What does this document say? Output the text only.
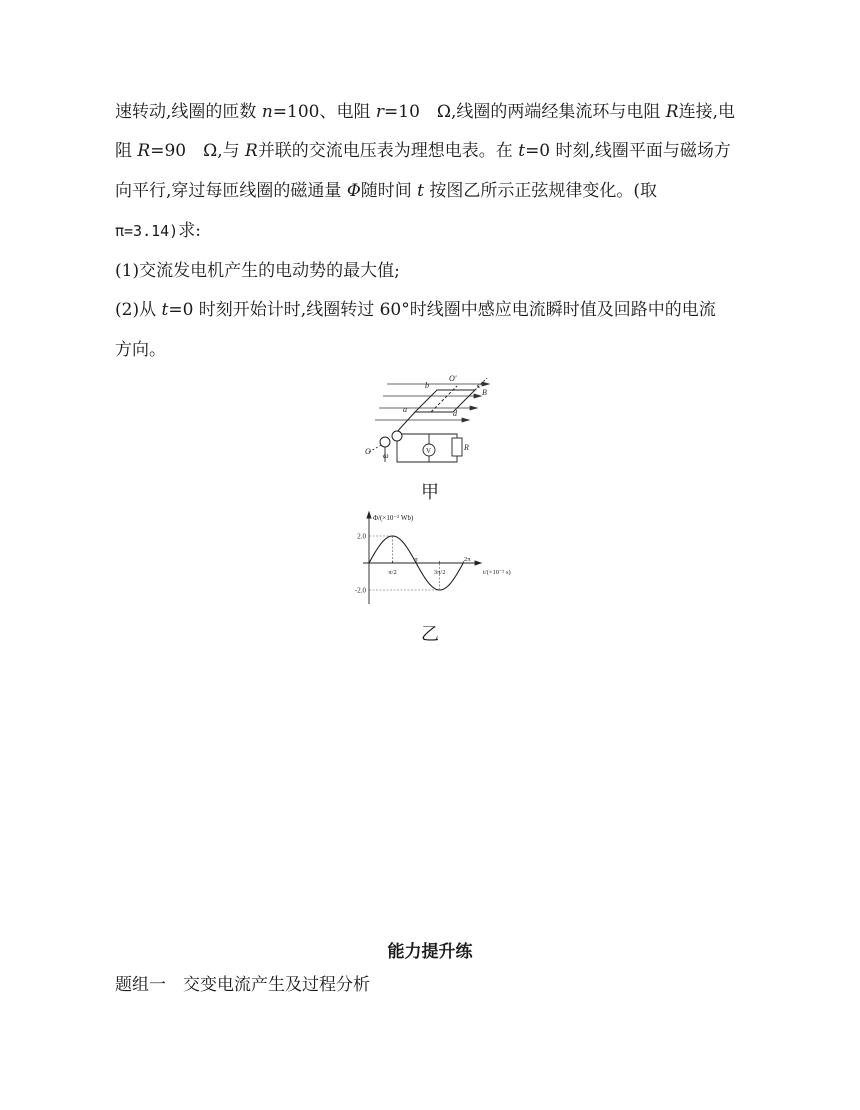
速转动,线圈的匝数 n=100、电阻 r=10　Ω,线圈的两端经集流环与电阻 R连接,电
阻 R=90　Ω,与 R并联的交流电压表为理想电表。在 t=0 时刻,线圈平面与磁场方
向平行,穿过每匝线圈的磁通量 Φ随时间 t 按图乙所示正弦规律变化。(取
π=3.14)求:
(1)交流发电机产生的电动势的最大值;
(2)从 t=0 时刻开始计时,线圈转过 60°时线圈中感应电流瞬时值及回路中的电流
方向。
O'
b	c
B
a	d
O ω	V	R
甲
Φ/(×10⁻² Wb)
t/(×10⁻² s)
2.0
-2.0
π/2
π
3π/2
2π
乙
能力提升练
题组一　交变电流产生及过程分析
